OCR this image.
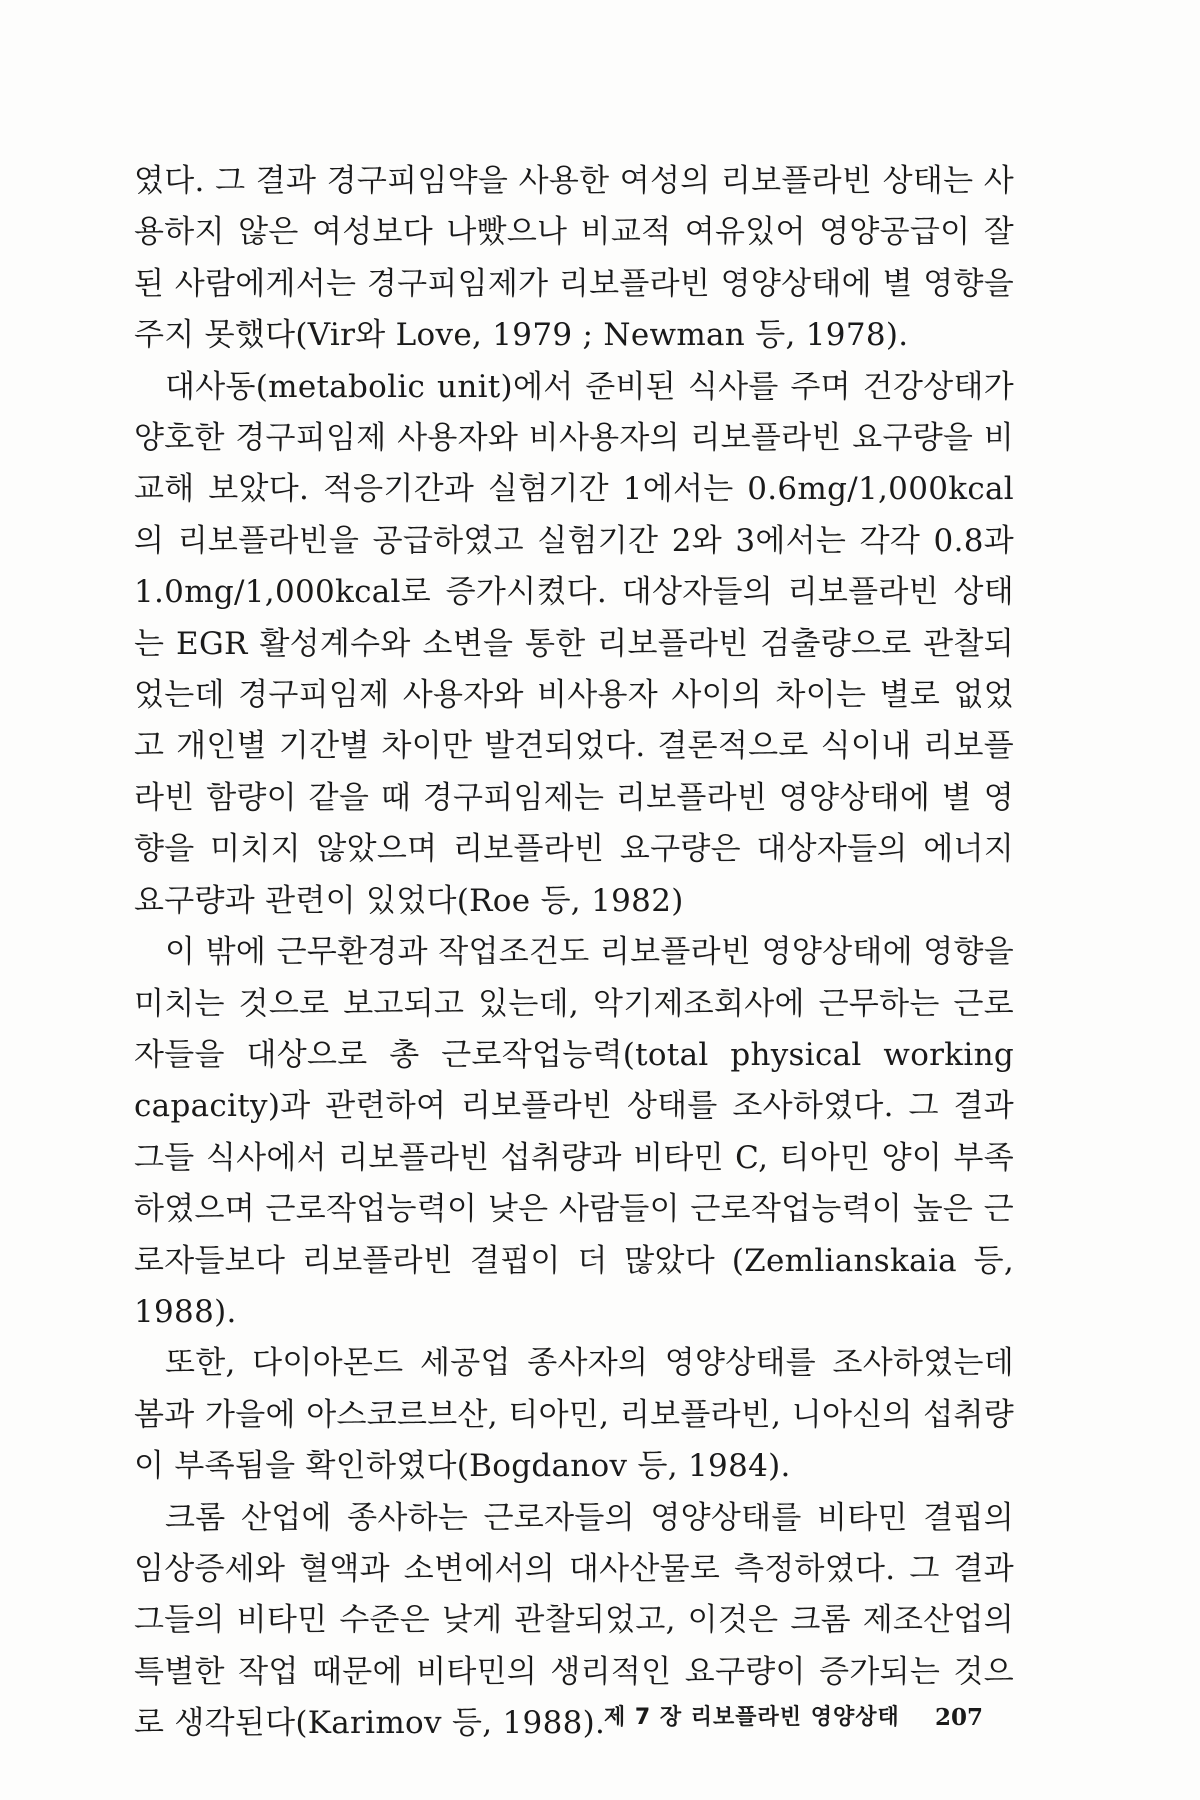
였다. 그 결과 경구피임약을 사용한 여성의 리보플라빈 상태는 사용하지 않은 여성보다 나빴으나 비교적 여유있어 영양공급이 잘된 사람에게서는 경구피임제가 리보플라빈 영양상태에 별 영향을 주지 못했다(Vir와 Love, 1979 ; Newman 등, 1978).

대사동(metabolic unit)에서 준비된 식사를 주며 건강상태가 양호한 경구피임제 사용자와 비사용자의 리보플라빈 요구량을 비교해 보았다. 적응기간과 실험기간 1에서는 0.6mg/1,000kcal의 리보플라빈을 공급하였고 실험기간 2와 3에서는 각각 0.8과 1.0mg/1,000kcal로 증가시켰다. 대상자들의 리보플라빈 상태는 EGR 활성계수와 소변을 통한 리보플라빈 검출량으로 관찰되었는데 경구피임제 사용자와 비사용자 사이의 차이는 별로 없었고 개인별 기간별 차이만 발견되었다. 결론적으로 식이내 리보플라빈 함량이 같을 때 경구피임제는 리보플라빈 영양상태에 별 영향을 미치지 않았으며 리보플라빈 요구량은 대상자들의 에너지 요구량과 관련이 있었다(Roe 등, 1982)

이 밖에 근무환경과 작업조건도 리보플라빈 영양상태에 영향을 미치는 것으로 보고되고 있는데, 악기제조회사에 근무하는 근로자들을 대상으로 총 근로작업능력(total physical working capacity)과 관련하여 리보플라빈 상태를 조사하였다. 그 결과 그들 식사에서 리보플라빈 섭취량과 비타민 C, 티아민 양이 부족하였으며 근로작업능력이 낮은 사람들이 근로작업능력이 높은 근로자들보다 리보플라빈 결핍이 더 많았다 (Zemlianskaia 등, 1988).

또한, 다이아몬드 세공업 종사자의 영양상태를 조사하였는데 봄과 가을에 아스코르브산, 티아민, 리보플라빈, 니아신의 섭취량이 부족됨을 확인하였다(Bogdanov 등, 1984).

크롬 산업에 종사하는 근로자들의 영양상태를 비타민 결핍의 임상증세와 혈액과 소변에서의 대사산물로 측정하였다. 그 결과 그들의 비타민 수준은 낮게 관찰되었고, 이것은 크롬 제조산업의 특별한 작업 때문에 비타민의 생리적인 요구량이 증가되는 것으로 생각된다(Karimov 등, 1988).

제 7 장 리보플라빈 영양상태 207
